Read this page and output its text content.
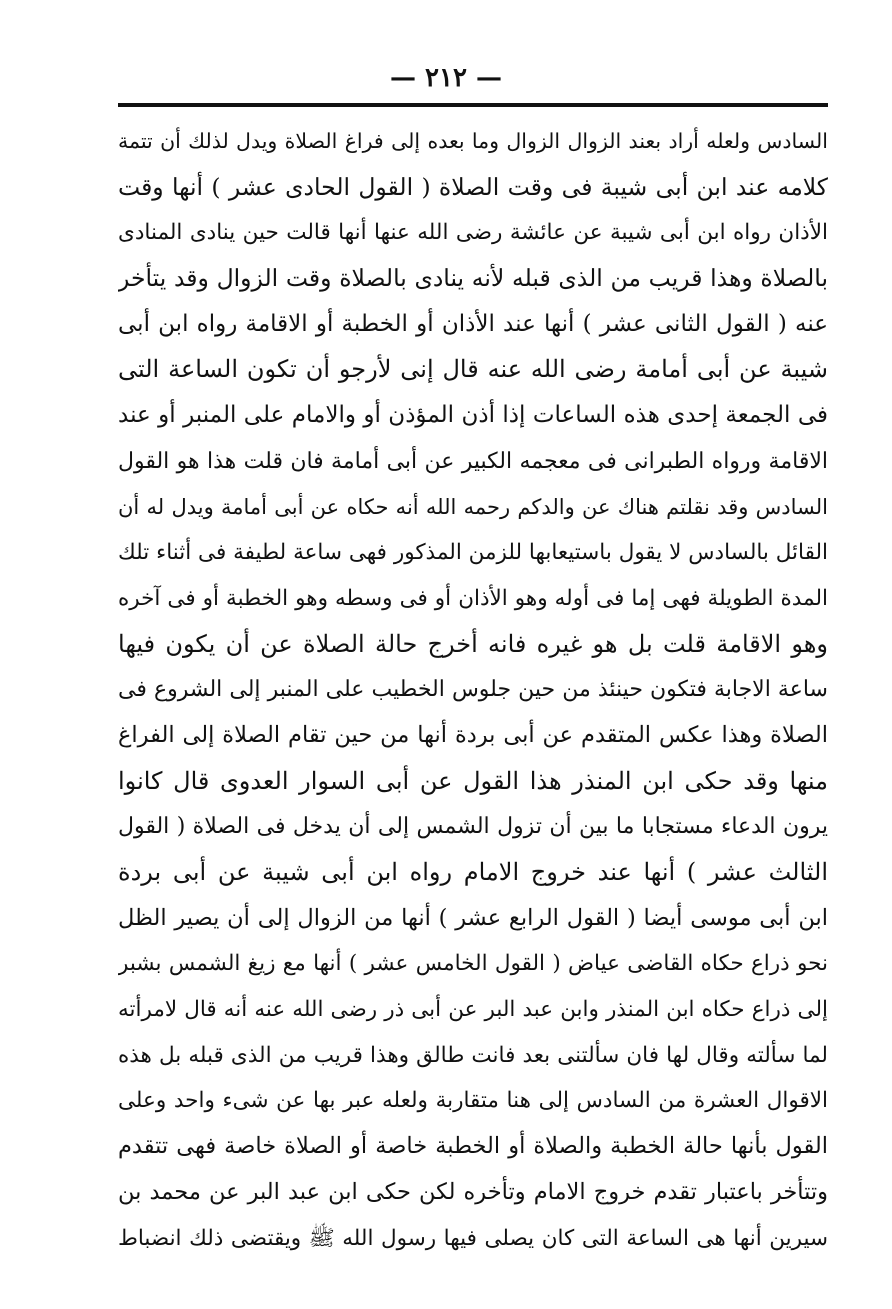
— ٢١٢ —
السادس ولعله أراد بعند الزوال الزوال وما بعده إلى فراغ الصلاة ويدل لذلك أن تتمة
كلامه عند ابن أبى شيبة فى وقت الصلاة ( القول الحادى عشر ) أنها وقت
الأذان رواه ابن أبى شيبة عن عائشة رضى الله عنها أنها قالت حين ينادى المنادى
بالصلاة وهذا قريب من الذى قبله لأنه ينادى بالصلاة وقت الزوال وقد يتأخر
عنه ( القول الثانى عشر ) أنها عند الأذان أو الخطبة أو الاقامة رواه ابن أبى
شيبة عن أبى أمامة رضى الله عنه قال إنى لأرجو أن تكون الساعة التى
فى الجمعة إحدى هذه الساعات إذا أذن المؤذن أو والامام على المنبر أو عند
الاقامة ورواه الطبرانى فى معجمه الكبير عن أبى أمامة فان قلت هذا هو القول
السادس وقد نقلتم هناك عن والدكم رحمه الله أنه حكاه عن أبى أمامة ويدل له أن
القائل بالسادس لا يقول باستيعابها للزمن المذكور فهى ساعة لطيفة فى أثناء تلك
المدة الطويلة فهى إما فى أوله وهو الأذان أو فى وسطه وهو الخطبة أو فى آخره
وهو الاقامة قلت بل هو غيره فانه أخرج حالة الصلاة عن أن يكون فيها
ساعة الاجابة فتكون حينئذ من حين جلوس الخطيب على المنبر إلى الشروع فى
الصلاة وهذا عكس المتقدم عن أبى بردة أنها من حين تقام الصلاة إلى الفراغ
منها وقد حكى ابن المنذر هذا القول عن أبى السوار العدوى قال كانوا
يرون الدعاء مستجابا ما بين أن تزول الشمس إلى أن يدخل فى الصلاة ( القول
الثالث عشر ) أنها عند خروج الامام رواه ابن أبى شيبة عن أبى بردة
ابن أبى موسى أيضا ( القول الرابع عشر ) أنها من الزوال إلى أن يصير الظل
نحو ذراع حكاه القاضى عياض ( القول الخامس عشر ) أنها مع زيغ الشمس بشبر
إلى ذراع حكاه ابن المنذر وابن عبد البر عن أبى ذر رضى الله عنه أنه قال لامرأته
لما سألته وقال لها فان سألتنى بعد فانت طالق وهذا قريب من الذى قبله بل هذه
الاقوال العشرة من السادس إلى هنا متقاربة ولعله عبر بها عن شىء واحد وعلى
القول بأنها حالة الخطبة والصلاة أو الخطبة خاصة أو الصلاة خاصة فهى تتقدم
وتتأخر باعتبار تقدم خروج الامام وتأخره لكن حكى ابن عبد البر عن محمد بن
سيرين أنها هى الساعة التى كان يصلى فيها رسول الله ﷺ ويقتضى ذلك انضباط
